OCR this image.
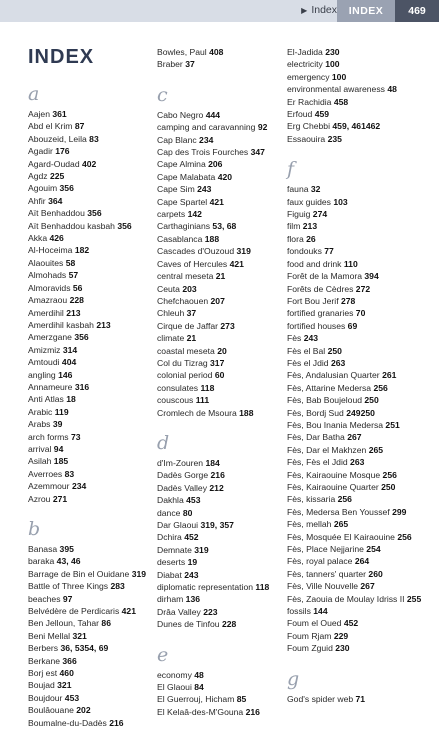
▶ Index	INDEX	469
INDEX
a
Aajen 361
Abd el Krim 87
Abouzeid, Leila 83
Agadir 176
Agard-Oudad 402
Agdz 225
Agouim 356
Ahfir 364
Aït Benhaddou 356
Aït Benhaddou kasbah 356
Akka 426
Al-Hoceima 182
Alaouites 58
Almohads 57
Almoravids 56
Amazraou 228
Amerdihil 213
Amerdihil kasbah 213
Amerzgane 356
Amizmiz 314
Amtoudi 404
angling 146
Annameure 316
Anti Atlas 18
Arabic 119
Arabs 39
arch forms 73
arrival 94
Asilah 185
Averroes 83
Azemmour 234
Azrou 271
b
Banasa 395
baraka 43, 46
Barrage de Bin el Ouidane 319
Battle of Three Kings 283
beaches 97
Belvédère de Perdicaris 421
Ben Jelloun, Tahar 86
Beni Mellal 321
Berbers 36, 5354, 69
Berkane 366
Borj est 460
Boujad 321
Boujdour 453
Boulâouane 202
Boumalne-du-Dadès 216
Bowles, Paul 408
Braber 37
c
Cabo Negro 444
camping and caravanning 92
Cap Blanc 234
Cap des Trois Fourches 347
Cape Almina 206
Cape Malabata 420
Cape Sim 243
Cape Spartel 421
carpets 142
Carthaginians 53, 68
Casablanca 188
Cascades d'Ouzoud 319
Caves of Hercules 421
central meseta 21
Ceuta 203
Chefchaouen 207
Chleuh 37
Cirque de Jaffar 273
climate 21
coastal meseta 20
Col du Tizrag 317
colonial period 60
consulates 118
couscous 111
Cromlech de Msoura 188
d
d'Im-Zouren 184
Dadès Gorge 216
Dadès Valley 212
Dakhla 453
dance 80
Dar Glaoui 319, 357
Dchira 452
Demnate 319
deserts 19
Diabat 243
diplomatic representation 118
dirham 136
Drâa Valley 223
Dunes de Tinfou 228
e
economy 48
El Glaoui 84
El Guerrouj, Hicham 85
El Kelaâ-des-M'Gouna 216
El-Jadida 230
electricity 100
emergency 100
environmental awareness 48
Er Rachidia 458
Erfoud 459
Erg Chebbi 459, 461462
Essaouira 235
f
fauna 32
faux guides 103
Figuig 274
film 213
flora 26
fondouks 77
food and drink 110
Forêt de la Mamora 394
Forêts de Cèdres 272
Fort Bou Jerif 278
fortified granaries 70
fortified houses 69
Fès 243
Fès el Bal 250
Fès el Jdid 263
Fès, Andalusian Quarter 261
Fès, Attarine Medersa 256
Fès, Bab Boujeloud 250
Fès, Bordj Sud 249250
Fès, Bou Inania Medersa 251
Fès, Dar Batha 267
Fès, Dar el Makhzen 265
Fès, Fès el Jdid 263
Fès, Kairaouine Mosque 256
Fès, Kairaouine Quarter 250
Fès, kissaria 256
Fès, Medersa Ben Youssef 299
Fès, mellah 265
Fès, Mosquée El Kairaouine 256
Fès, Place Nejjarine 254
Fès, royal palace 264
Fès, tanners' quarter 260
Fès, Ville Nouvelle 267
Fès, Zaouia de Moulay Idriss II 255
fossils 144
Foum el Oued 452
Foum Rjam 229
Foum Zguid 230
g
God's spider web 71
